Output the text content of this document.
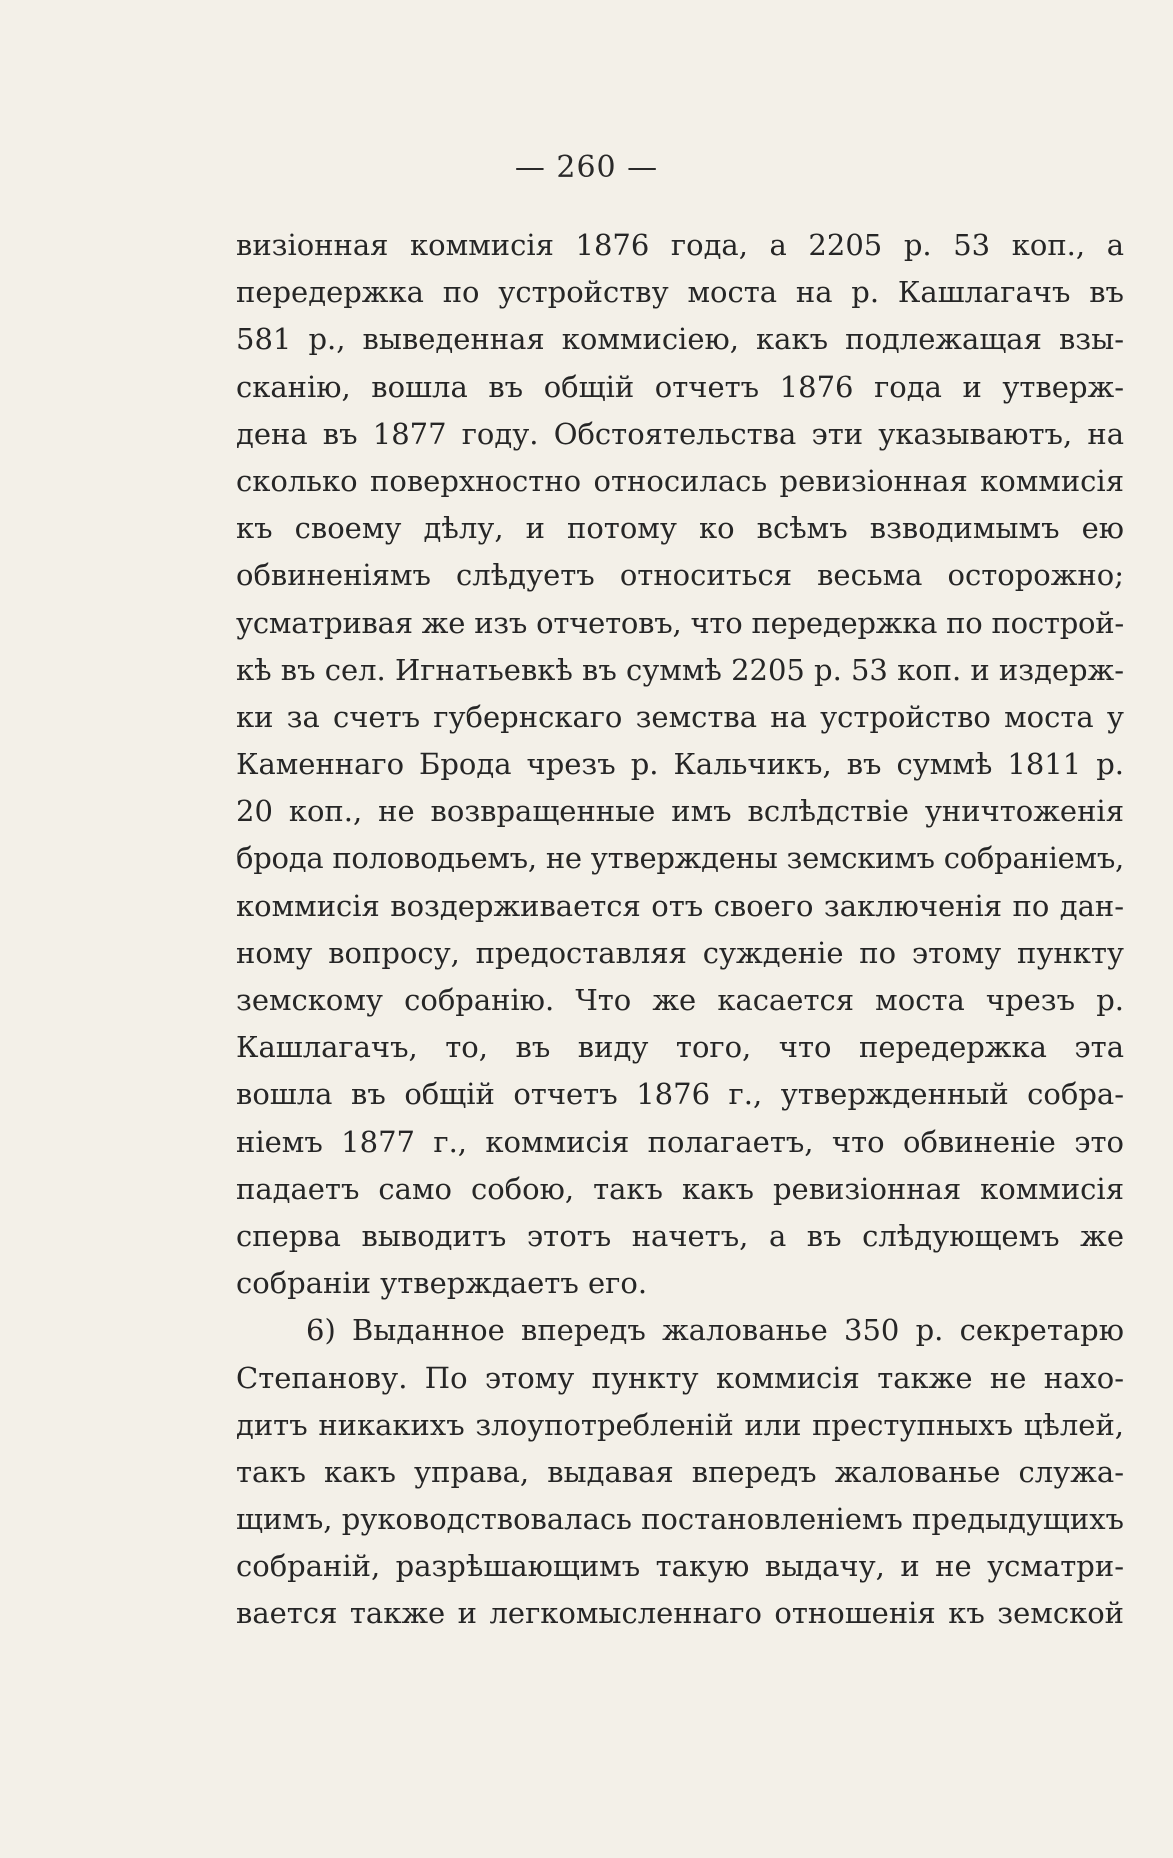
— 260 —
визіонная коммисія 1876 года, а 2205 р. 53 коп., а
передержка по устройству моста на р. Кашлагачъ въ
581 р., выведенная коммисіею, какъ подлежащая взы-
сканію, вошла въ общій отчетъ 1876 года и утверж-
дена въ 1877 году. Обстоятельства эти указываютъ, на
сколько поверхностно относилась ревизіонная коммисія
къ своему дѣлу, и потому ко всѣмъ взводимымъ ею
обвиненіямъ слѣдуетъ относиться весьма осторожно;
усматривая же изъ отчетовъ, что передержка по построй-
кѣ въ сел. Игнатьевкѣ въ суммѣ 2205 р. 53 коп. и издерж-
ки за счетъ губернскаго земства на устройство моста у
Каменнаго Брода чрезъ р. Кальчикъ, въ суммѣ 1811 р.
20 коп., не возвращенные имъ вслѣдствіе уничтоженія
брода половодьемъ, не утверждены земскимъ собраніемъ,
коммисія воздерживается отъ своего заключенія по дан-
ному вопросу, предоставляя сужденіе по этому пункту
земскому собранію. Что же касается моста чрезъ р.
Кашлагачъ, то, въ виду того, что передержка эта
вошла въ общій отчетъ 1876 г., утвержденный собра-
ніемъ 1877 г., коммисія полагаетъ, что обвиненіе это
падаетъ само собою, такъ какъ ревизіонная коммисія
сперва выводитъ этотъ начетъ, а въ слѣдующемъ же
собраніи утверждаетъ его.
6) Выданное впередъ жалованье 350 р. секретарю
Степанову. По этому пункту коммисія также не нахо-
дитъ никакихъ злоупотребленій или преступныхъ цѣлей,
такъ какъ управа, выдавая впередъ жалованье служа-
щимъ, руководствовалась постановленіемъ предыдущихъ
собраній, разрѣшающимъ такую выдачу, и не усматри-
вается также и легкомысленнаго отношенія къ земской
